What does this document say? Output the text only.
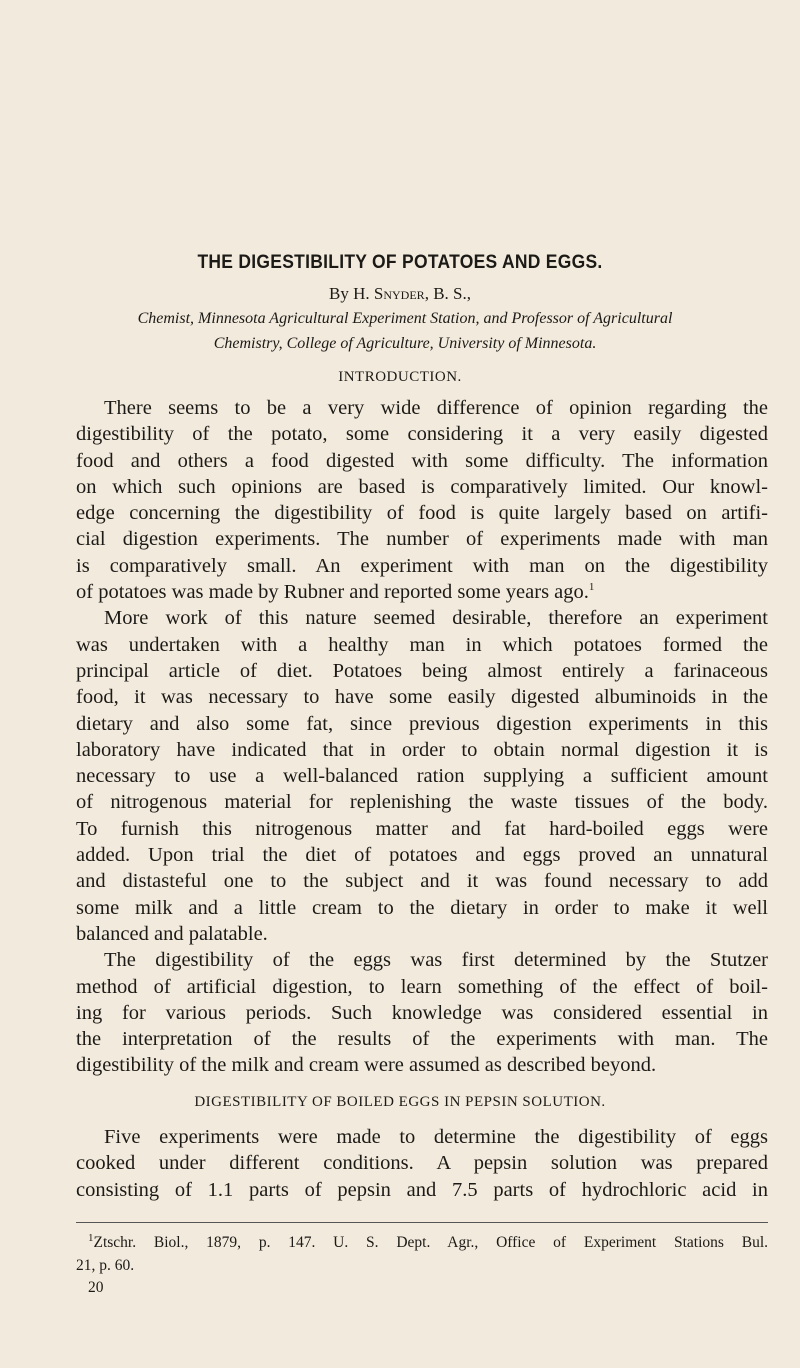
THE DIGESTIBILITY OF POTATOES AND EGGS.
By H. Snyder, B. S.,
Chemist, Minnesota Agricultural Experiment Station, and Professor of Agricultural
Chemistry, College of Agriculture, University of Minnesota.
INTRODUCTION.
There seems to be a very wide difference of opinion regarding the
digestibility of the potato, some considering it a very easily digested
food and others a food digested with some difficulty. The information
on which such opinions are based is comparatively limited. Our knowl-
edge concerning the digestibility of food is quite largely based on artifi-
cial digestion experiments. The number of experiments made with man
is comparatively small. An experiment with man on the digestibility
of potatoes was made by Rubner and reported some years ago.$^1$
More work of this nature seemed desirable, therefore an experiment
was undertaken with a healthy man in which potatoes formed the
principal article of diet. Potatoes being almost entirely a farinaceous
food, it was necessary to have some easily digested albuminoids in the
dietary and also some fat, since previous digestion experiments in this
laboratory have indicated that in order to obtain normal digestion it is
necessary to use a well-balanced ration supplying a sufficient amount
of nitrogenous material for replenishing the waste tissues of the body.
To furnish this nitrogenous matter and fat hard-boiled eggs were
added. Upon trial the diet of potatoes and eggs proved an unnatural
and distasteful one to the subject and it was found necessary to add
some milk and a little cream to the dietary in order to make it well
balanced and palatable.
The digestibility of the eggs was first determined by the Stutzer
method of artificial digestion, to learn something of the effect of boil-
ing for various periods. Such knowledge was considered essential in
the interpretation of the results of the experiments with man. The
digestibility of the milk and cream were assumed as described beyond.
DIGESTIBILITY OF BOILED EGGS IN PEPSIN SOLUTION.
Five experiments were made to determine the digestibility of eggs
cooked under different conditions. A pepsin solution was prepared
consisting of 1.1 parts of pepsin and 7.5 parts of hydrochloric acid in
$^1$Ztschr. Biol., 1879, p. 147. U. S. Dept. Agr., Office of Experiment Stations Bul.
21, p. 60.
20
